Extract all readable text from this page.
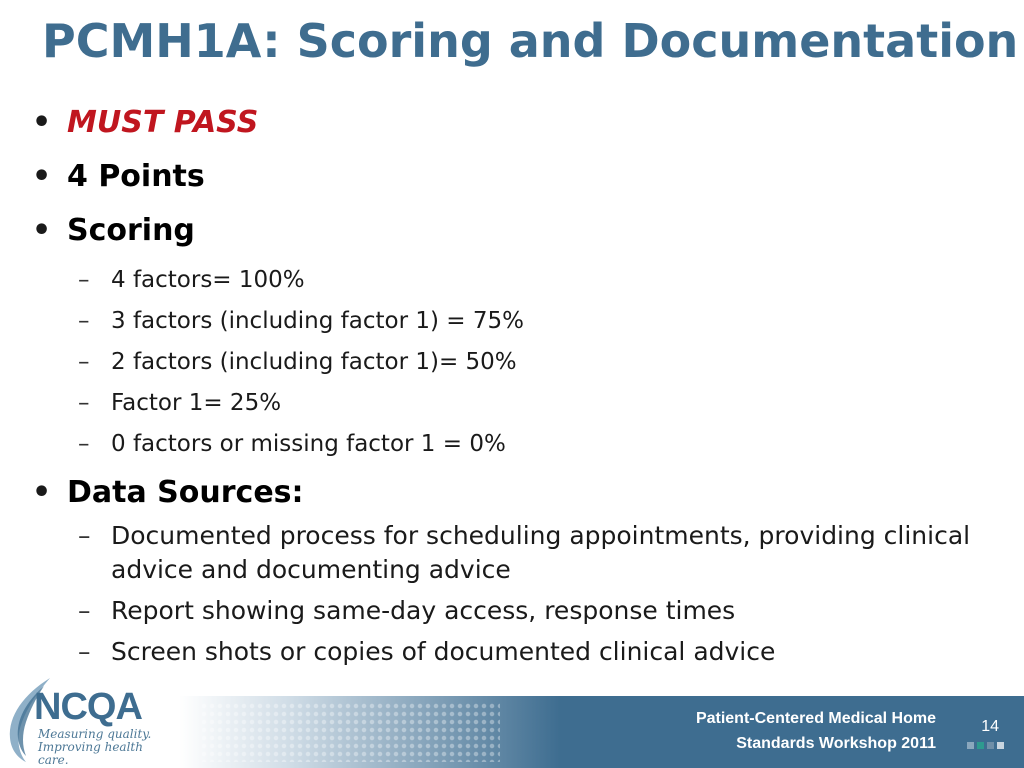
PCMH1A: Scoring and Documentation
• MUST PASS
• 4 Points
• Scoring
– 4 factors= 100%
– 3 factors (including factor 1) = 75%
– 2 factors (including factor 1)= 50%
– Factor 1= 25%
– 0 factors or missing factor 1 = 0%
• Data Sources:
– Documented process for scheduling appointments, providing clinical advice and documenting advice
– Report showing same-day access, response times
– Screen shots or copies of documented clinical advice
Patient-Centered Medical Home
Standards Workshop 2011
14
NCQA
Measuring quality.
Improving health care.
